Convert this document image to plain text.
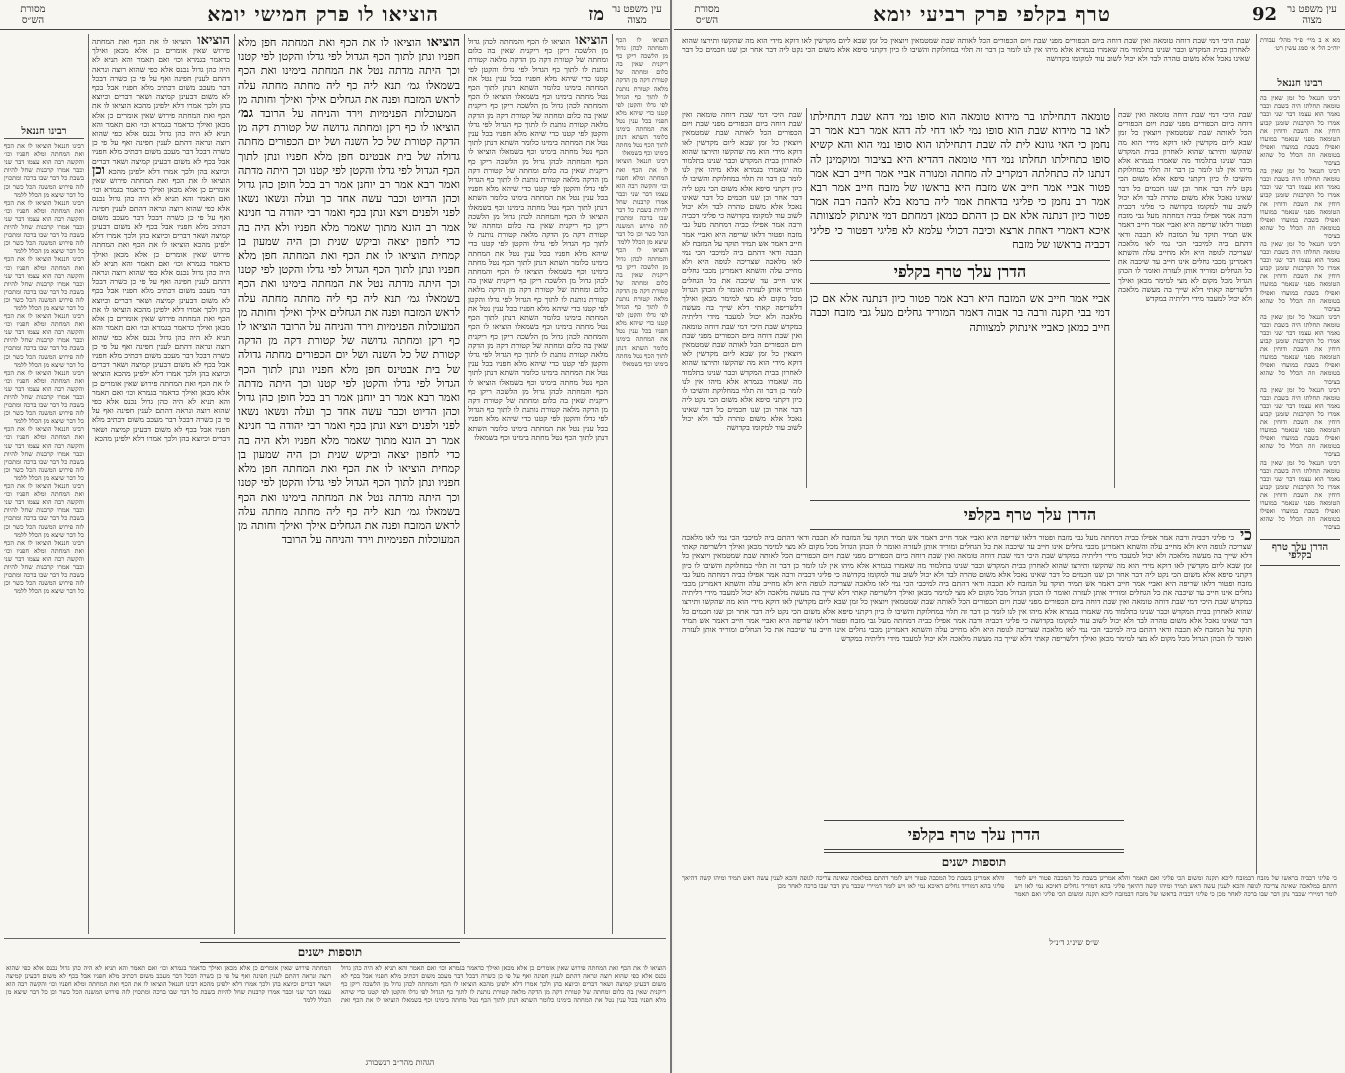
עין משפט נר מצוה
מז
הוציאו לו פרק חמישי יומא
מסורת הש״ס
רבינו חננאל
רבינו חננאל הוציאו לו את הכף ואת המחתה ומלא חפניו וכו׳ והקשה רבה הוא עצמו דבר שני וכבר אמרו קרבנות שחל להיות בשבת כל דבר שבו ברכה ומתכוין לזה פירוש המשנה הכל כשר וכן כל דבר שיצא מן הכלל ללמד
רבינו חננאל הוציאו לו את הכף ואת המחתה ומלא חפניו וכו׳ והקשה רבה הוא עצמו דבר שני וכבר אמרו קרבנות שחל להיות בשבת כל דבר שבו ברכה ומתכוין לזה פירוש המשנה הכל כשר וכן כל דבר שיצא מן הכלל ללמד
רבינו חננאל הוציאו לו את הכף ואת המחתה ומלא חפניו וכו׳ והקשה רבה הוא עצמו דבר שני וכבר אמרו קרבנות שחל להיות בשבת כל דבר שבו ברכה ומתכוין לזה פירוש המשנה הכל כשר וכן כל דבר שיצא מן הכלל ללמד
רבינו חננאל הוציאו לו את הכף ואת המחתה ומלא חפניו וכו׳ והקשה רבה הוא עצמו דבר שני וכבר אמרו קרבנות שחל להיות בשבת כל דבר שבו ברכה ומתכוין לזה פירוש המשנה הכל כשר וכן כל דבר שיצא מן הכלל ללמד
רבינו חננאל הוציאו לו את הכף ואת המחתה ומלא חפניו וכו׳ והקשה רבה הוא עצמו דבר שני וכבר אמרו קרבנות שחל להיות בשבת כל דבר שבו ברכה ומתכוין לזה פירוש המשנה הכל כשר וכן כל דבר שיצא מן הכלל ללמד
רבינו חננאל הוציאו לו את הכף ואת המחתה ומלא חפניו וכו׳ והקשה רבה הוא עצמו דבר שני וכבר אמרו קרבנות שחל להיות בשבת כל דבר שבו ברכה ומתכוין לזה פירוש המשנה הכל כשר וכן כל דבר שיצא מן הכלל ללמד
רבינו חננאל הוציאו לו את הכף ואת המחתה ומלא חפניו וכו׳ והקשה רבה הוא עצמו דבר שני וכבר אמרו קרבנות שחל להיות בשבת כל דבר שבו ברכה ומתכוין לזה פירוש המשנה הכל כשר וכן כל דבר שיצא מן הכלל ללמד
רבינו חננאל הוציאו לו את הכף ואת המחתה ומלא חפניו וכו׳ והקשה רבה הוא עצמו דבר שני וכבר אמרו קרבנות שחל להיות בשבת כל דבר שבו ברכה ומתכוין לזה פירוש המשנה הכל כשר וכן כל דבר שיצא מן הכלל ללמד
הוציאו הוציאו לו את הכף ואת המחתה פירוש שאין אומרים כן אלא מכאן ואילך כדאמר בגמרא וכו׳ ואם תאמר והא תניא לא היה כהן גדול נכנס אלא כפי שהוא רוצה ונראה דהתם לענין חפינה ואף על פי כן כשרה דבכל דבר מעכב משום דכתיב מלא חפניו אבל בכף לא משום דבעינן קמיצה ושאר דברים וכיוצא בהן ולכך אמרו דלא ילפינן מהכא הוציאו לו את הכף ואת המחתה פירוש שאין אומרים כן אלא מכאן ואילך כדאמר בגמרא וכו׳ ואם תאמר והא תניא לא היה כהן גדול נכנס אלא כפי שהוא רוצה ונראה דהתם לענין חפינה ואף על פי כן כשרה דבכל דבר מעכב משום דכתיב מלא חפניו אבל בכף לא משום דבעינן קמיצה ושאר דברים וכיוצא בהן ולכך אמרו דלא ילפינן מהכא וכן הוציאו לו את הכף ואת המחתה פירוש שאין אומרים כן אלא מכאן ואילך כדאמר בגמרא וכו׳ ואם תאמר והא תניא לא היה כהן גדול נכנס אלא כפי שהוא רוצה ונראה דהתם לענין חפינה ואף על פי כן כשרה דבכל דבר מעכב משום דכתיב מלא חפניו אבל בכף לא משום דבעינן קמיצה ושאר דברים וכיוצא בהן ולכך אמרו דלא ילפינן מהכא הוציאו לו את הכף ואת המחתה פירוש שאין אומרים כן אלא מכאן ואילך כדאמר בגמרא וכו׳ ואם תאמר והא תניא לא היה כהן גדול נכנס אלא כפי שהוא רוצה ונראה דהתם לענין חפינה ואף על פי כן כשרה דבכל דבר מעכב משום דכתיב מלא חפניו אבל בכף לא משום דבעינן קמיצה ושאר דברים וכיוצא בהן ולכך אמרו דלא ילפינן מהכא הוציאו לו את הכף ואת המחתה פירוש שאין אומרים כן אלא מכאן ואילך כדאמר בגמרא וכו׳ ואם תאמר והא תניא לא היה כהן גדול נכנס אלא כפי שהוא רוצה ונראה דהתם לענין חפינה ואף על פי כן כשרה דבכל דבר מעכב משום דכתיב מלא חפניו אבל בכף לא משום דבעינן קמיצה ושאר דברים וכיוצא בהן ולכך אמרו דלא ילפינן מהכא הוציאו לו את הכף ואת המחתה פירוש שאין אומרים כן אלא מכאן ואילך כדאמר בגמרא וכו׳ ואם תאמר והא תניא לא היה כהן גדול נכנס אלא כפי שהוא רוצה ונראה דהתם לענין חפינה ואף על פי כן כשרה דבכל דבר מעכב משום דכתיב מלא חפניו אבל בכף לא משום דבעינן קמיצה ושאר דברים וכיוצא בהן ולכך אמרו דלא ילפינן מהכא
הוציאו הוציאו לו את הכף ואת המחתה חפן מלא חפניו ונתן לתוך הכף הגדול לפי גדלו והקטן לפי קטנו וכך היתה מדתה נטל את המחתה בימינו ואת הכף בשמאלו גמ׳ תנא ליה כף ליה מחתה מחתה עלה לראש המזבח ופנה את הגחלים אילך ואילך וחותה מן המעוכלות הפנימיות וירד והניחה על הרובד גמ׳ הוציאו לו כף רקן ומחתה גדושה של קטורת דקה מן הדקה קטורת של כל השנה ושל יום הכפורים מחתה גדולה של בית אבטינס חפן מלא חפניו ונתן לתוך הכף הגדול לפי גדלו והקטן לפי קטנו וכך היתה מדתה ואמר רבא אמר רב יוחנן אמר רב בכל חופן כהן גדול וכהן הדיוט וכבר עשה אחד כך ועלה ונשאו נשאו לפני ולפנים ויצא ונתן בכף ואמר רבי יהודה בר חנינא אמר רב הונא מתוך שאמר מלא חפניו ולא היה בה כדי לחפון יצאה וביקש שנית וכן היה שמעון בן קמחית הוציאו לו את הכף ואת המחתה חפן מלא חפניו ונתן לתוך הכף הגדול לפי גדלו והקטן לפי קטנו וכך היתה מדתה נטל את המחתה בימינו ואת הכף בשמאלו גמ׳ תנא ליה כף ליה מחתה מחתה עלה לראש המזבח ופנה את הגחלים אילך ואילך וחותה מן המעוכלות הפנימיות וירד והניחה על הרובד הוציאו לו כף רקן ומחתה גדושה של קטורת דקה מן הדקה קטורת של כל השנה ושל יום הכפורים מחתה גדולה של בית אבטינס חפן מלא חפניו ונתן לתוך הכף הגדול לפי גדלו והקטן לפי קטנו וכך היתה מדתה ואמר רבא אמר רב יוחנן אמר רב בכל חופן כהן גדול וכהן הדיוט וכבר עשה אחד כך ועלה ונשאו נשאו לפני ולפנים ויצא ונתן בכף ואמר רבי יהודה בר חנינא אמר רב הונא מתוך שאמר מלא חפניו ולא היה בה כדי לחפון יצאה וביקש שנית וכן היה שמעון בן קמחית הוציאו לו את הכף ואת המחתה חפן מלא חפניו ונתן לתוך הכף הגדול לפי גדלו והקטן לפי קטנו וכך היתה מדתה נטל את המחתה בימינו ואת הכף בשמאלו גמ׳ תנא ליה כף ליה מחתה מחתה עלה לראש המזבח ופנה את הגחלים אילך ואילך וחותה מן המעוכלות הפנימיות וירד והניחה על הרובד
הוציאו הוציאו לו הכף והמחתה לכהן גדול מן הלשכה ריקן כף ריקנית שאין בה כלום ומחתה של קטורת דקה מן הדקה מלאה קטורת נותנת לו לתוך כף הגדול לפי גדלו והקטן לפי קטנו כדי שיהא מלא חפניו בכל ענין נטל את המחתה בימינו כלומר השתא דנתן לתוך הכף נטל מחתה בימינו וכף בשמאלו הוציאו לו הכף והמחתה לכהן גדול מן הלשכה ריקן כף ריקנית שאין בה כלום ומחתה של קטורת דקה מן הדקה מלאה קטורת נותנת לו לתוך כף הגדול לפי גדלו והקטן לפי קטנו כדי שיהא מלא חפניו בכל ענין נטל את המחתה בימינו כלומר השתא דנתן לתוך הכף נטל מחתה בימינו וכף בשמאלו הוציאו לו הכף והמחתה לכהן גדול מן הלשכה ריקן כף ריקנית שאין בה כלום ומחתה של קטורת דקה מן הדקה מלאה קטורת נותנת לו לתוך כף הגדול לפי גדלו והקטן לפי קטנו כדי שיהא מלא חפניו בכל ענין נטל את המחתה בימינו כלומר השתא דנתן לתוך הכף נטל מחתה בימינו וכף בשמאלו הוציאו לו הכף והמחתה לכהן גדול מן הלשכה ריקן כף ריקנית שאין בה כלום ומחתה של קטורת דקה מן הדקה מלאה קטורת נותנת לו לתוך כף הגדול לפי גדלו והקטן לפי קטנו כדי שיהא מלא חפניו בכל ענין נטל את המחתה בימינו כלומר השתא דנתן לתוך הכף נטל מחתה בימינו וכף בשמאלו הוציאו לו הכף והמחתה לכהן גדול מן הלשכה ריקן כף ריקנית שאין בה כלום ומחתה של קטורת דקה מן הדקה מלאה קטורת נותנת לו לתוך כף הגדול לפי גדלו והקטן לפי קטנו כדי שיהא מלא חפניו בכל ענין נטל את המחתה בימינו כלומר השתא דנתן לתוך הכף נטל מחתה בימינו וכף בשמאלו הוציאו לו הכף והמחתה לכהן גדול מן הלשכה ריקן כף ריקנית שאין בה כלום ומחתה של קטורת דקה מן הדקה מלאה קטורת נותנת לו לתוך כף הגדול לפי גדלו והקטן לפי קטנו כדי שיהא מלא חפניו בכל ענין נטל את המחתה בימינו כלומר השתא דנתן לתוך הכף נטל מחתה בימינו וכף בשמאלו הוציאו לו הכף והמחתה לכהן גדול מן הלשכה ריקן כף ריקנית שאין בה כלום ומחתה של קטורת דקה מן הדקה מלאה קטורת נותנת לו לתוך כף הגדול לפי גדלו והקטן לפי קטנו כדי שיהא מלא חפניו בכל ענין נטל את המחתה בימינו כלומר השתא דנתן לתוך הכף נטל מחתה בימינו וכף בשמאלו
הוציאו לו הכף והמחתה לכהן גדול מן הלשכה ריקן כף ריקנית שאין בה כלום ומחתה של קטורת דקה מן הדקה מלאה קטורת נותנת לו לתוך כף הגדול לפי גדלו והקטן לפי קטנו כדי שיהא מלא חפניו בכל ענין נטל את המחתה בימינו כלומר השתא דנתן לתוך הכף נטל מחתה בימינו וכף בשמאלו
רבינו חננאל הוציאו לו את הכף ואת המחתה ומלא חפניו וכו׳ והקשה רבה הוא עצמו דבר שני וכבר אמרו קרבנות שחל להיות בשבת כל דבר שבו ברכה ומתכוין לזה פירוש המשנה הכל כשר וכן כל דבר שיצא מן הכלל ללמד
הוציאו לו הכף והמחתה לכהן גדול מן הלשכה ריקן כף ריקנית שאין בה כלום ומחתה של קטורת דקה מן הדקה מלאה קטורת נותנת לו לתוך כף הגדול לפי גדלו והקטן לפי קטנו כדי שיהא מלא חפניו בכל ענין נטל את המחתה בימינו כלומר השתא דנתן לתוך הכף נטל מחתה בימינו וכף בשמאלו
תוספות ישנים
הוציאו לו את הכף ואת המחתה פירוש שאין אומרים כן אלא מכאן ואילך כדאמר בגמרא וכו׳ ואם תאמר והא תניא לא היה כהן גדול נכנס אלא כפי שהוא רוצה ונראה דהתם לענין חפינה ואף על פי כן כשרה דבכל דבר מעכב משום דכתיב מלא חפניו אבל בכף לא משום דבעינן קמיצה ושאר דברים וכיוצא בהן ולכך אמרו דלא ילפינן מהכא הוציאו לו הכף והמחתה לכהן גדול מן הלשכה ריקן כף ריקנית שאין בה כלום ומחתה של קטורת דקה מן הדקה מלאה קטורת נותנת לו לתוך כף הגדול לפי גדלו והקטן לפי קטנו כדי שיהא מלא חפניו בכל ענין נטל את המחתה בימינו כלומר השתא דנתן לתוך הכף נטל מחתה בימינו וכף בשמאלו הוציאו לו את הכף ואת המחתה פירוש שאין אומרים כן אלא מכאן ואילך כדאמר בגמרא וכו׳ ואם תאמר והא תניא לא היה כהן גדול נכנס אלא כפי שהוא רוצה ונראה דהתם לענין חפינה ואף על פי כן כשרה דבכל דבר מעכב משום דכתיב מלא חפניו אבל בכף לא משום דבעינן קמיצה ושאר דברים וכיוצא בהן ולכך אמרו דלא ילפינן מהכא רבינו חננאל הוציאו לו את הכף ואת המחתה ומלא חפניו וכו׳ והקשה רבה הוא עצמו דבר שני וכבר אמרו קרבנות שחל להיות בשבת כל דבר שבו ברכה ומתכוין לזה פירוש המשנה הכל כשר וכן כל דבר שיצא מן הכלל ללמד
הגהות מהר״ב רנשבורג
עין משפט נר מצוה
92
טרף בקלפי פרק רביעי יומא
מסורת הש״ס
מא א ב מיי׳ פ״ד מהל׳ עבודת יוה״כ הל׳ א׳ סמג עשין רט׳
רבינו חננאל
רבינו חננאל כל זמן שאין בה טומאה תחלתו היה בשבת וכבר נאמר הוא עצמו דבר שני וכבר אמרו כל הקרבנות שזמנן קבוע דוחין את השבת ודוחין את הטומאה מפני שנאמר במועדו ואפילו בשבת במועדו ואפילו בטומאה וזה הכלל כל שהוא בציבור
רבינו חננאל כל זמן שאין בה טומאה תחלתו היה בשבת וכבר נאמר הוא עצמו דבר שני וכבר אמרו כל הקרבנות שזמנן קבוע דוחין את השבת ודוחין את הטומאה מפני שנאמר במועדו ואפילו בשבת במועדו ואפילו בטומאה וזה הכלל כל שהוא בציבור
רבינו חננאל כל זמן שאין בה טומאה תחלתו היה בשבת וכבר נאמר הוא עצמו דבר שני וכבר אמרו כל הקרבנות שזמנן קבוע דוחין את השבת ודוחין את הטומאה מפני שנאמר במועדו ואפילו בשבת במועדו ואפילו בטומאה וזה הכלל כל שהוא בציבור
רבינו חננאל כל זמן שאין בה טומאה תחלתו היה בשבת וכבר נאמר הוא עצמו דבר שני וכבר אמרו כל הקרבנות שזמנן קבוע דוחין את השבת ודוחין את הטומאה מפני שנאמר במועדו ואפילו בשבת במועדו ואפילו בטומאה וזה הכלל כל שהוא בציבור
רבינו חננאל כל זמן שאין בה טומאה תחלתו היה בשבת וכבר נאמר הוא עצמו דבר שני וכבר אמרו כל הקרבנות שזמנן קבוע דוחין את השבת ודוחין את הטומאה מפני שנאמר במועדו ואפילו בשבת במועדו ואפילו בטומאה וזה הכלל כל שהוא בציבור
רבינו חננאל כל זמן שאין בה טומאה תחלתו היה בשבת וכבר נאמר הוא עצמו דבר שני וכבר אמרו כל הקרבנות שזמנן קבוע דוחין את השבת ודוחין את הטומאה מפני שנאמר במועדו ואפילו בשבת במועדו ואפילו בטומאה וזה הכלל כל שהוא בציבור
הדרן עלך טרף בקלפי
שבת היכי דמי שבת דוחה טומאה ואין שבת דוחה ביום הכפורים מפני שבת ויום הכפורים הכל לאותה שבת שמטמאין ויוצאין כל זמן שבא ליום מקדשין לאו דוקא מידי הוא מה שהקשו ותירצו שהוא לאחרון בבית המקדש וכבר שנינו בתלמוד מה שאמרו בגמרא אלא מיהו אין לנו לומר כן דבר זה תלוי במחלוקת והשיבו לו כיון דקתני סיפא אלא משום הכי נקט ליה דבר אחר וכן שנו חכמים כל דבר שאינו נאכל אלא משום טהרה לבד ולא יכול לשוב עוד למקומו בקדושה
שבת היכי דמי שבת דוחה טומאה ואין שבת דוחה ביום הכפורים מפני שבת ויום הכפורים הכל לאותה שבת שמטמאין ויוצאין כל זמן שבא ליום מקדשין לאו דוקא מידי הוא מה שהקשו ותירצו שהוא לאחרון בבית המקדש וכבר שנינו בתלמוד מה שאמרו בגמרא אלא מיהו אין לנו לומר כן דבר זה תלוי במחלוקת והשיבו לו כיון דקתני סיפא אלא משום הכי נקט ליה דבר אחר וכן שנו חכמים כל דבר שאינו נאכל אלא משום טהרה לבד ולא יכול לשוב עוד למקומו בקדושה כי פליגי דכביה ורבה אמר אפילו כביה דמחתה מעל גבי מזבח ופטור דלאו שריפה היא ואביי אמר חייב דאמר אש תמיד תוקד על המזבח לא תכבה ודאי דהתם ביה למיכבי הכי נמי לאו מלאכה שצריכה לגופה היא ולא מחייב עלה והשתא דאמרינן מכבי גחלים אינו חייב עד שיכבה את כל הגחלים ומוריד אותן לעזרה ואומר לו הכהן הגדול מכל מקום לא מצי למימר מכאן ואילך דלשריפה קאתי דלא שייך בה מעשה מלאכה ולא יכול למעבד מידי דליתיה במקדש שבת היכי דמי שבת דוחה טומאה ואין שבת דוחה ביום הכפורים מפני שבת ויום הכפורים הכל לאותה שבת שמטמאין ויוצאין כל זמן שבא ליום מקדשין לאו דוקא מידי הוא מה שהקשו ותירצו שהוא לאחרון בבית המקדש וכבר שנינו בתלמוד מה שאמרו בגמרא אלא מיהו אין לנו לומר כן דבר זה תלוי במחלוקת והשיבו לו כיון דקתני סיפא אלא משום הכי נקט ליה דבר אחר וכן שנו חכמים כל דבר שאינו נאכל אלא משום טהרה לבד ולא יכול לשוב עוד למקומו בקדושה
טומאה דתחילתו בר מידוא טומאה הוא סופו נמי דהא שבת דתחילתו לאו בר מידוא שבת הוא סופו נמי לאו דחי לה דהא אמר רבא אמר רב נחמן כי האי גוונא לית לה שבת דתחילתו הוא סופו נמי הוא והא קשיא סופו כתחילתו תחלתו נמי דחי טומאה דהדיא היא בציבור ומוקמינן לה דנתנו לה כתחלתה דמקריב לה מחתה ומנורה אביי אמר חייב רבא אמר פטור אביי אמר חייב אש מזבח היא בראשו של מזבח חייב אמר רבא אמר רב נחמן כי פליגי בדאחת אמר ליה ברמא בלא להבה רבה אמר פטור כיון דנתנה אלא אם כן דהתם כמאן דמחתם דמי אינתוק למצוותה איכא דאמרי דאחת ארצא וכיבה דכולי עלמא לא פליגי דפטור כי פליגי דכביה בראשו של מזבח
הדרן עלך טרף בקלפי
אביי אמר חייב אש המזבח היא רבא אמר פטור כיון דנתנה אלא אם כן דמי בבי תקנה ורבה בר אבוה דאמר המוריד גחלים מעל גבי מזבח וכבה חייב כמאן כאביי אינתוק למצוותה
שבת היכי דמי שבת דוחה טומאה ואין שבת דוחה ביום הכפורים מפני שבת ויום הכפורים הכל לאותה שבת שמטמאין ויוצאין כל זמן שבא ליום מקדשין לאו דוקא מידי הוא מה שהקשו ותירצו שהוא לאחרון בבית המקדש וכבר שנינו בתלמוד מה שאמרו בגמרא אלא מיהו אין לנו לומר כן דבר זה תלוי במחלוקת והשיבו לו כיון דקתני סיפא אלא משום הכי נקט ליה דבר אחר וכן שנו חכמים כל דבר שאינו נאכל אלא משום טהרה לבד ולא יכול לשוב עוד למקומו בקדושה כי פליגי דכביה ורבה אמר אפילו כביה דמחתה מעל גבי מזבח ופטור דלאו שריפה היא ואביי אמר חייב דאמר אש תמיד תוקד על המזבח לא תכבה ודאי דהתם ביה למיכבי הכי נמי לאו מלאכה שצריכה לגופה היא ולא מחייב עלה והשתא דאמרינן מכבי גחלים אינו חייב עד שיכבה את כל הגחלים ומוריד אותן לעזרה ואומר לו הכהן הגדול מכל מקום לא מצי למימר מכאן ואילך דלשריפה קאתי דלא שייך בה מעשה מלאכה ולא יכול למעבד מידי דליתיה במקדש
הדרן עלך טרף בקלפי
כי כי פליגי דכביה ורבה אמר אפילו כביה דמחתה מעל גבי מזבח ופטור דלאו שריפה היא ואביי אמר חייב דאמר אש תמיד תוקד על המזבח לא תכבה ודאי דהתם ביה למיכבי הכי נמי לאו מלאכה שצריכה לגופה היא ולא מחייב עלה והשתא דאמרינן מכבי גחלים אינו חייב עד שיכבה את כל הגחלים ומוריד אותן לעזרה ואומר לו הכהן הגדול מכל מקום לא מצי למימר מכאן ואילך דלשריפה קאתי דלא שייך בה מעשה מלאכה ולא יכול למעבד מידי דליתיה במקדש שבת היכי דמי שבת דוחה טומאה ואין שבת דוחה ביום הכפורים מפני שבת ויום הכפורים הכל לאותה שבת שמטמאין ויוצאין כל זמן שבא ליום מקדשין לאו דוקא מידי הוא מה שהקשו ותירצו שהוא לאחרון בבית המקדש וכבר שנינו בתלמוד מה שאמרו בגמרא אלא מיהו אין לנו לומר כן דבר זה תלוי במחלוקת והשיבו לו כיון דקתני סיפא אלא משום הכי נקט ליה דבר אחר וכן שנו חכמים כל דבר שאינו נאכל אלא משום טהרה לבד ולא יכול לשוב עוד למקומו בקדושה כי פליגי דכביה ורבה אמר אפילו כביה דמחתה מעל גבי מזבח ופטור דלאו שריפה היא ואביי אמר חייב דאמר אש תמיד תוקד על המזבח לא תכבה ודאי דהתם ביה למיכבי הכי נמי לאו מלאכה שצריכה לגופה היא ולא מחייב עלה והשתא דאמרינן מכבי גחלים אינו חייב עד שיכבה את כל הגחלים ומוריד אותן לעזרה ואומר לו הכהן הגדול מכל מקום לא מצי למימר מכאן ואילך דלשריפה קאתי דלא שייך בה מעשה מלאכה ולא יכול למעבד מידי דליתיה במקדש שבת היכי דמי שבת דוחה טומאה ואין שבת דוחה ביום הכפורים מפני שבת ויום הכפורים הכל לאותה שבת שמטמאין ויוצאין כל זמן שבא ליום מקדשין לאו דוקא מידי הוא מה שהקשו ותירצו שהוא לאחרון בבית המקדש וכבר שנינו בתלמוד מה שאמרו בגמרא אלא מיהו אין לנו לומר כן דבר זה תלוי במחלוקת והשיבו לו כיון דקתני סיפא אלא משום הכי נקט ליה דבר אחר וכן שנו חכמים כל דבר שאינו נאכל אלא משום טהרה לבד ולא יכול לשוב עוד למקומו בקדושה כי פליגי דכביה ורבה אמר אפילו כביה דמחתה מעל גבי מזבח ופטור דלאו שריפה היא ואביי אמר חייב דאמר אש תמיד תוקד על המזבח לא תכבה ודאי דהתם ביה למיכבי הכי נמי לאו מלאכה שצריכה לגופה היא ולא מחייב עלה והשתא דאמרינן מכבי גחלים אינו חייב עד שיכבה את כל הגחלים ומוריד אותן לעזרה ואומר לו הכהן הגדול מכל מקום לא מצי למימר מכאן ואילך דלשריפה קאתי דלא שייך בה מעשה מלאכה ולא יכול למעבד מידי דליתיה במקדש
הדרן עלך טרף בקלפי
תוספות ישנים
כי פליגי דכביה בראשו של מזבח דבמזבח ליכא תקנה ומשום הכי פליגי ואם תאמר והלא אמרינן בשבת כל המכבה פטור ויש לומר דהתם במלאכה שאינה צריכה לגופה והכא לענין עשה דאש תמיד ומיהו קשה דהיאך פליגי בהא דמוריד גחלים דאיכא נמי לאו ויש לומר דמיירי שכבר נתן דבר שבו ברכה לאחר מכן כי פליגי דכביה בראשו של מזבח דבמזבח ליכא תקנה ומשום הכי פליגי ואם תאמר והלא אמרינן בשבת כל המכבה פטור ויש לומר דהתם במלאכה שאינה צריכה לגופה והכא לענין עשה דאש תמיד ומיהו קשה דהיאך פליגי בהא דמוריד גחלים דאיכא נמי לאו ויש לומר דמיירי שכבר נתן דבר שבו ברכה לאחר מכן
ש״ס שינ״ג ד׳נ״ל
